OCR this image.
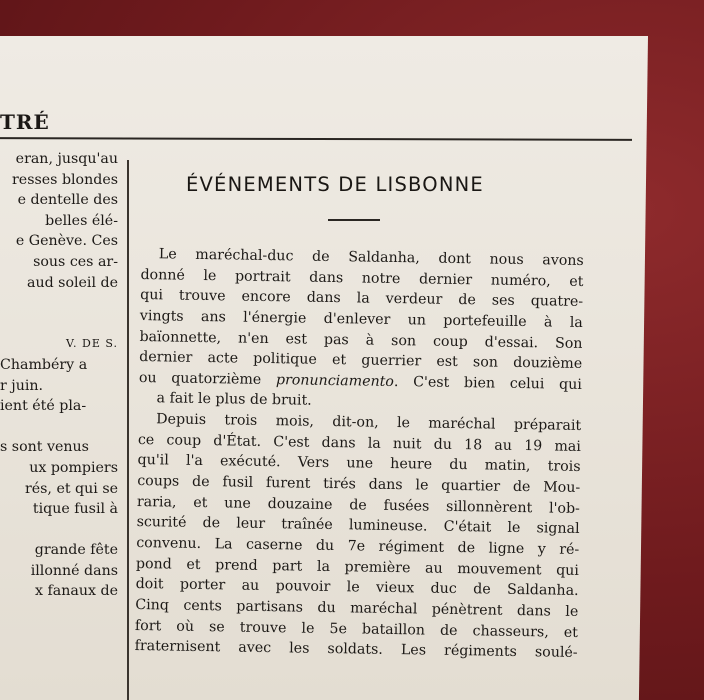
TRÉ
eran, jusqu'au
resses blondes
e dentelle des
belles élé-
e Genève. Ces
sous ces ar-
aud soleil de
V. DE S.
Chambéry a
r juin.
ient été pla-
s sont venus
ux pompiers
rés, et qui se
tique fusil à
grande fête
illonné dans
x fanaux de
ÉVÉNEMENTS DE LISBONNE
Le maréchal-duc de Saldanha, dont nous avons
donné le portrait dans notre dernier numéro, et
qui trouve encore dans la verdeur de ses quatre-
vingts ans l'énergie d'enlever un portefeuille à la
baïonnette, n'en est pas à son coup d'essai. Son
dernier acte politique et guerrier est son douzième
ou quatorzième pronunciamento. C'est bien celui qui
a fait le plus de bruit.
Depuis trois mois, dit-on, le maréchal préparait
ce coup d'État. C'est dans la nuit du 18 au 19 mai
qu'il l'a exécuté. Vers une heure du matin, trois
coups de fusil furent tirés dans le quartier de Mou-
raria, et une douzaine de fusées sillonnèrent l'ob-
scurité de leur traînée lumineuse. C'était le signal
convenu. La caserne du 7e régiment de ligne y ré-
pond et prend part la première au mouvement qui
doit porter au pouvoir le vieux duc de Saldanha.
Cinq cents partisans du maréchal pénètrent dans le
fort où se trouve le 5e bataillon de chasseurs, et
fraternisent avec les soldats. Les régiments soulé-
